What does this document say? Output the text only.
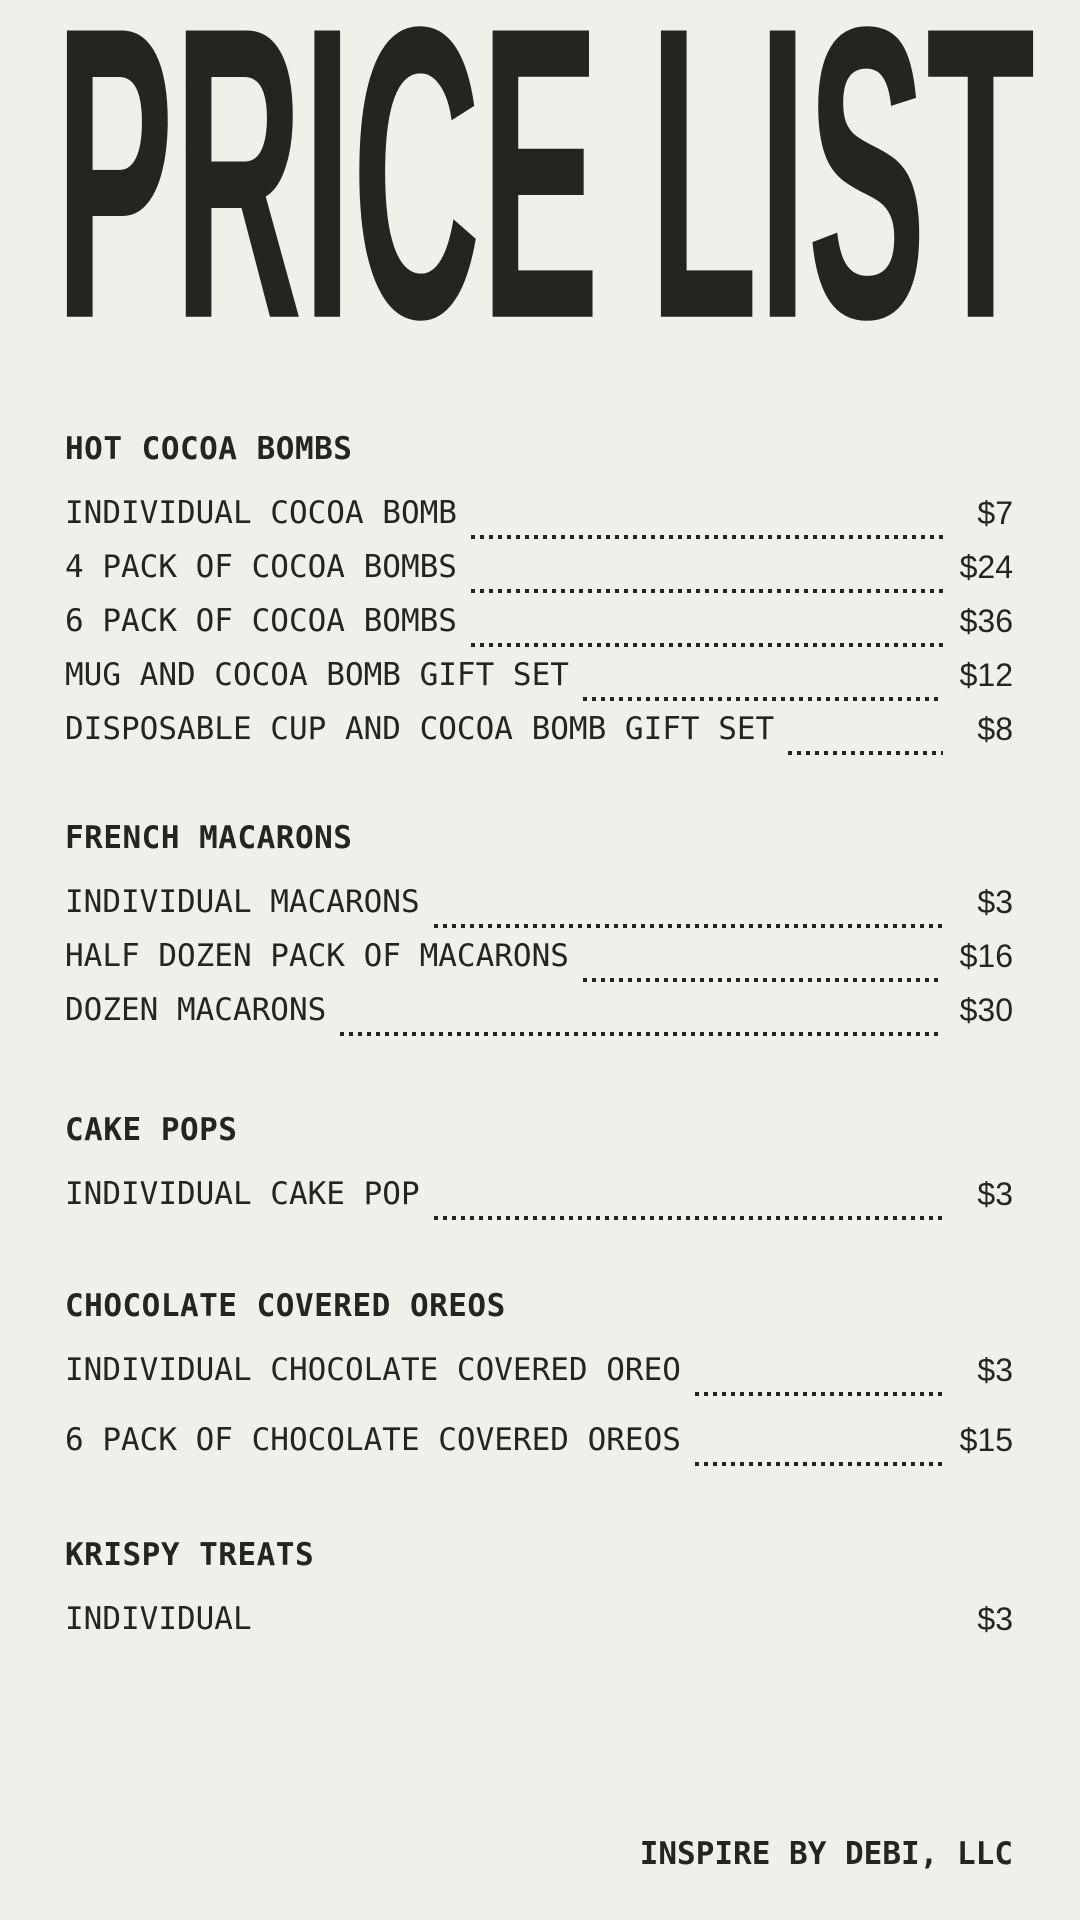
PRICE LIST
HOT COCOA BOMBS
INDIVIDUAL COCOA BOMB	$7
4 PACK OF COCOA BOMBS	$24
6 PACK OF COCOA BOMBS	$36
MUG AND COCOA BOMB GIFT SET	$12
DISPOSABLE CUP AND COCOA BOMB GIFT SET	$8
FRENCH MACARONS
INDIVIDUAL MACARONS	$3
HALF DOZEN PACK OF MACARONS	$16
DOZEN MACARONS	$30
CAKE POPS
INDIVIDUAL CAKE POP	$3
CHOCOLATE COVERED OREOS
INDIVIDUAL CHOCOLATE COVERED OREO	$3
6 PACK OF CHOCOLATE COVERED OREOS	$15
KRISPY TREATS
INDIVIDUAL	$3
INSPIRE BY DEBI, LLC
